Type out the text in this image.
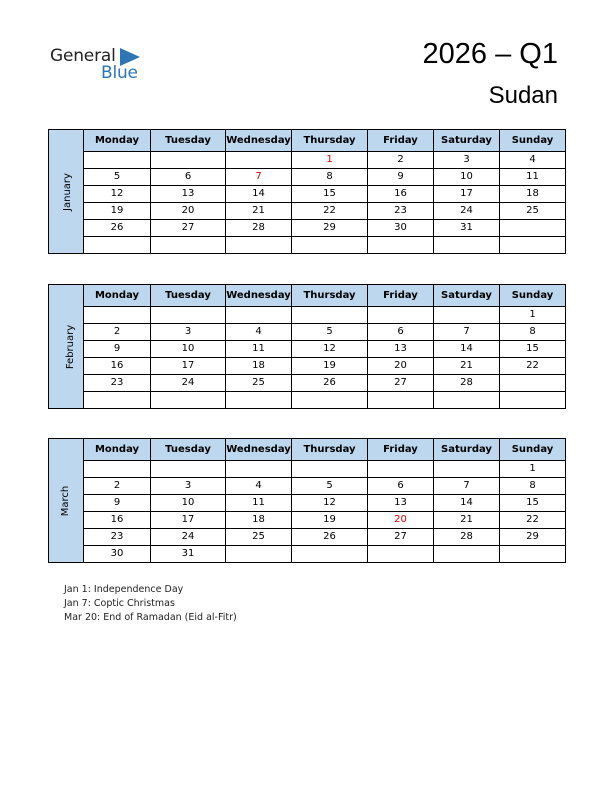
General
Blue
2026 – Q1
Sudan
January	Monday	Tuesday	Wednesday	Thursday	Friday	Saturday	Sunday
				1	2	3	4
	5	6	7	8	9	10	11
	12	13	14	15	16	17	18
	19	20	21	22	23	24	25
	26	27	28	29	30	31	

February	Monday	Tuesday	Wednesday	Thursday	Friday	Saturday	Sunday
							1
	2	3	4	5	6	7	8
	9	10	11	12	13	14	15
	16	17	18	19	20	21	22
	23	24	25	26	27	28	

March	Monday	Tuesday	Wednesday	Thursday	Friday	Saturday	Sunday
							1
	2	3	4	5	6	7	8
	9	10	11	12	13	14	15
	16	17	18	19	20	21	22
	23	24	25	26	27	28	29
	30	31					
Jan 1: Independence Day
Jan 7: Coptic Christmas
Mar 20: End of Ramadan (Eid al-Fitr)
